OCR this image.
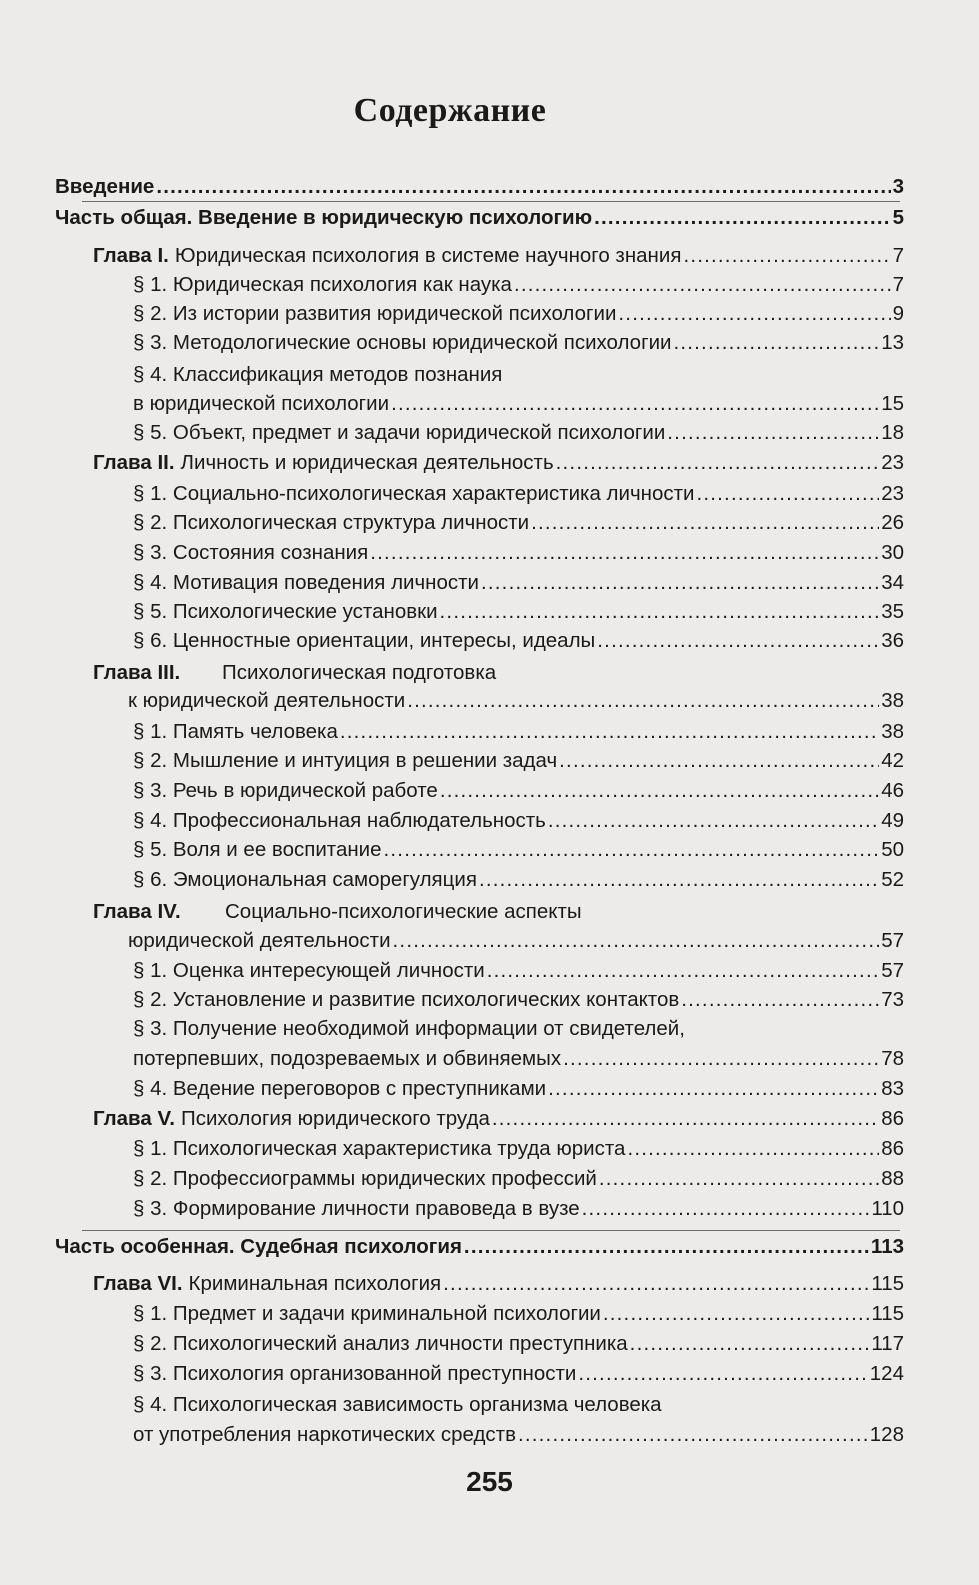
Содержание
Введение .....	3
Часть общая. Введение в юридическую психологию .....	5
Глава I. Юридическая психология в системе научного знания .....	7
§ 1. Юридическая психология как наука .....	7
§ 2. Из истории развития юридической психологии .....	9
§ 3. Методологические основы юридической психологии .....	13
§ 4. Классификация методов познания
в юридической психологии .....	15
§ 5. Объект, предмет и задачи юридической психологии .....	18
Глава II. Личность и юридическая деятельность .....	23
§ 1. Социально-психологическая характеристика личности .....	23
§ 2. Психологическая структура личности .....	26
§ 3. Состояния сознания .....	30
§ 4. Мотивация поведения личности .....	34
§ 5. Психологические установки .....	35
§ 6. Ценностные ориентации, интересы, идеалы .....	36
Глава III. Психологическая подготовка
к юридической деятельности .....	38
§ 1. Память человека .....	38
§ 2. Мышление и интуиция в решении задач .....	42
§ 3. Речь в юридической работе .....	46
§ 4. Профессиональная наблюдательность .....	49
§ 5. Воля и ее воспитание .....	50
§ 6. Эмоциональная саморегуляция .....	52
Глава IV. Социально-психологические аспекты
юридической деятельности .....	57
§ 1. Оценка интересующей личности .....	57
§ 2. Установление и развитие психологических контактов .....	73
§ 3. Получение необходимой информации от свидетелей,
потерпевших, подозреваемых и обвиняемых .....	78
§ 4. Ведение переговоров с преступниками .....	83
Глава V. Психология юридического труда .....	86
§ 1. Психологическая характеристика труда юриста .....	86
§ 2. Профессиограммы юридических профессий .....	88
§ 3. Формирование личности правоведа в вузе .....	110
Часть особенная. Судебная психология .....	113
Глава VI. Криминальная психология .....	115
§ 1. Предмет и задачи криминальной психологии .....	115
§ 2. Психологический анализ личности преступника .....	117
§ 3. Психология организованной преступности .....	124
§ 4. Психологическая зависимость организма человека
от употребления наркотических средств .....	128
255
